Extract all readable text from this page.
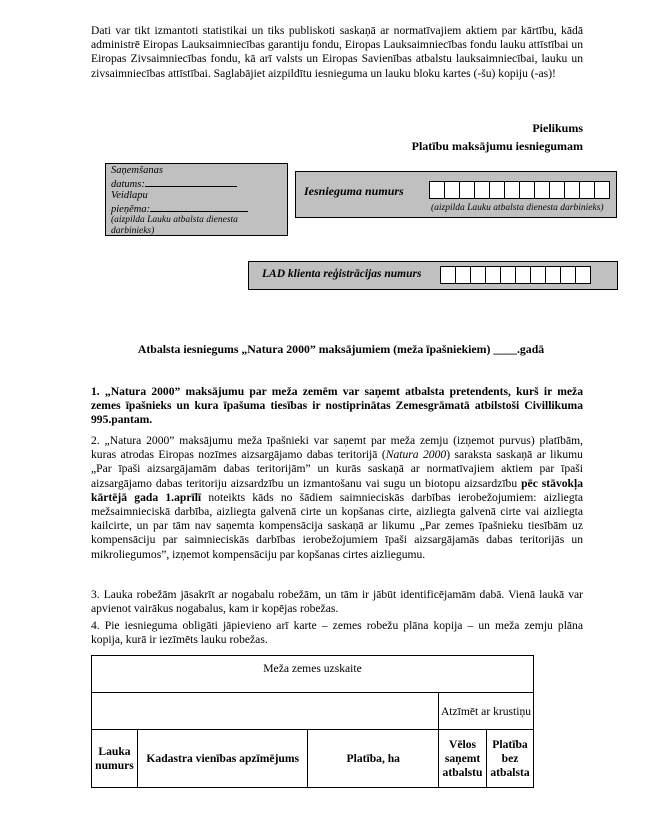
Dati var tikt izmantoti statistikai un tiks publiskoti saskaņā ar normatīvajiem aktiem par kārtību, kādā administrē Eiropas Lauksaimniecības garantiju fondu, Eiropas Lauksaimniecības fondu lauku attīstībai un Eiropas Zivsaimniecības fondu, kā arī valsts un Eiropas Savienības atbalstu lauksaimniecībai, lauku un zivsaimniecības attīstībai. Saglabājiet aizpildītu iesnieguma un lauku bloku kartes (-šu) kopiju (-as)!
Pielikums
Platību maksājumu iesniegumam
Saņemšanas
datums:
Veidlapu
pieņēma:
(aizpilda Lauku atbalsta dienesta darbinieks)
Iesnieguma numurs
(aizpilda Lauku atbalsta dienesta darbinieks)
LAD klienta reģistrācijas numurs
Atbalsta iesniegums „Natura 2000” maksājumiem (meža īpašniekiem) ____.gadā
1. „Natura 2000” maksājumu par meža zemēm var saņemt atbalsta pretendents, kurš ir meža zemes īpašnieks un kura īpašuma tiesības ir nostiprinātas Zemesgrāmatā atbilstoši Civillikuma 995.pantam.
2. „Natura 2000” maksājumu meža īpašnieki var saņemt par meža zemju (izņemot purvus) platībām, kuras atrodas Eiropas nozīmes aizsargājamo dabas teritorijā (Natura 2000) saraksta saskaņā ar likumu „Par īpaši aizsargājamām dabas teritorijām” un kurās saskaņā ar normatīvajiem aktiem par īpaši aizsargājamo dabas teritoriju aizsardzību un izmantošanu vai sugu un biotopu aizsardzību pēc stāvokļa kārtējā gada 1.aprīlī noteikts kāds no šādiem saimnieciskās darbības ierobežojumiem: aizliegta mežsaimnieciskā darbība, aizliegta galvenā cirte un kopšanas cirte, aizliegta galvenā cirte vai aizliegta kailcirte, un par tām nav saņemta kompensācija saskaņā ar likumu „Par zemes īpašnieku tiesībām uz kompensāciju par saimnieciskās darbības ierobežojumiem īpaši aizsargājamās dabas teritorijās un mikroliegumos”, izņemot kompensāciju par kopšanas cirtes aizliegumu.
3. Lauka robežām jāsakrīt ar nogabalu robežām, un tām ir jābūt identificējamām dabā. Vienā laukā var apvienot vairākus nogabalus, kam ir kopējas robežas.
4. Pie iesnieguma obligāti jāpievieno arī karte – zemes robežu plāna kopija – un meža zemju plāna kopija, kurā ir iezīmēts lauku robežas.
Meža zemes uzskaite				
			Atzīmēt ar krustiņu	
Lauka numurs	Kadastra vienības apzīmējums	Platība, ha	Vēlos saņemt atbalstu	Platība bez atbalsta
